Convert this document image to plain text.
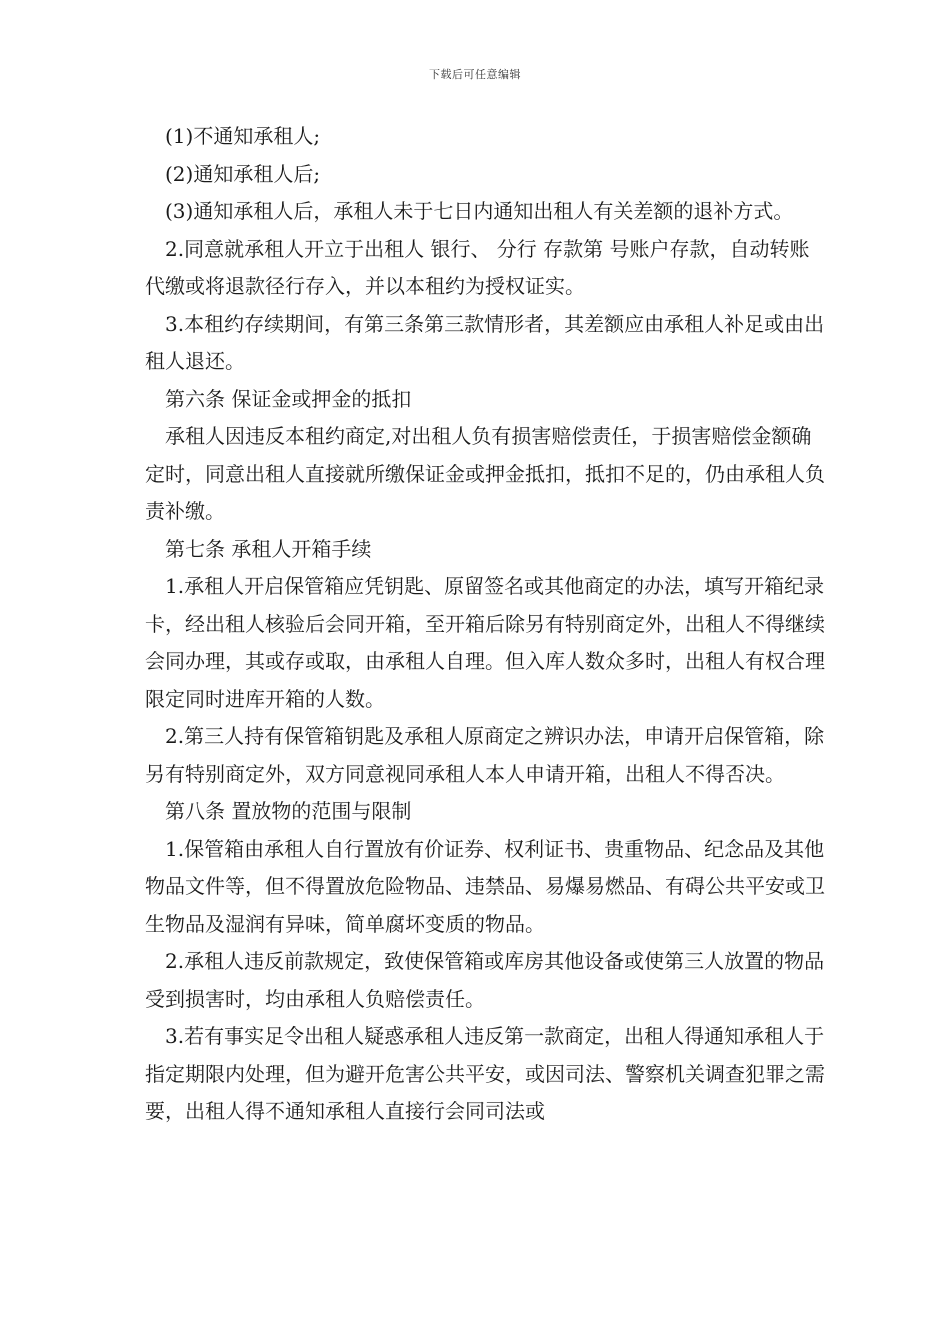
下载后可任意编辑

(1)不通知承租人;

(2)通知承租人后;

(3)通知承租人后，承租人未于七日内通知出租人有关差额的退补方式。

2.同意就承租人开立于出租人 银行、 分行 存款第 号账户存款，自动转账代缴或将退款径行存入，并以本租约为授权证实。

3.本租约存续期间，有第三条第三款情形者，其差额应由承租人补足或由出租人退还。

第六条 保证金或押金的抵扣

承租人因违反本租约商定,对出租人负有损害赔偿责任，于损害赔偿金额确定时，同意出租人直接就所缴保证金或押金抵扣，抵扣不足的，仍由承租人负责补缴。

第七条 承租人开箱手续

1.承租人开启保管箱应凭钥匙、原留签名或其他商定的办法，填写开箱纪录卡，经出租人核验后会同开箱，至开箱后除另有特别商定外，出租人不得继续会同办理，其或存或取，由承租人自理。但入库人数众多时，出租人有权合理限定同时进库开箱的人数。

2.第三人持有保管箱钥匙及承租人原商定之辨识办法，申请开启保管箱，除另有特别商定外，双方同意视同承租人本人申请开箱，出租人不得否决。

第八条 置放物的范围与限制

1.保管箱由承租人自行置放有价证券、权利证书、贵重物品、纪念品及其他物品文件等，但不得置放危险物品、违禁品、易爆易燃品、有碍公共平安或卫生物品及湿润有异味，简单腐坏变质的物品。

2.承租人违反前款规定，致使保管箱或库房其他设备或使第三人放置的物品受到损害时，均由承租人负赔偿责任。

3.若有事实足令出租人疑惑承租人违反第一款商定，出租人得通知承租人于指定期限内处理，但为避开危害公共平安，或因司法、警察机关调查犯罪之需要，出租人得不通知承租人直接行会同司法或
